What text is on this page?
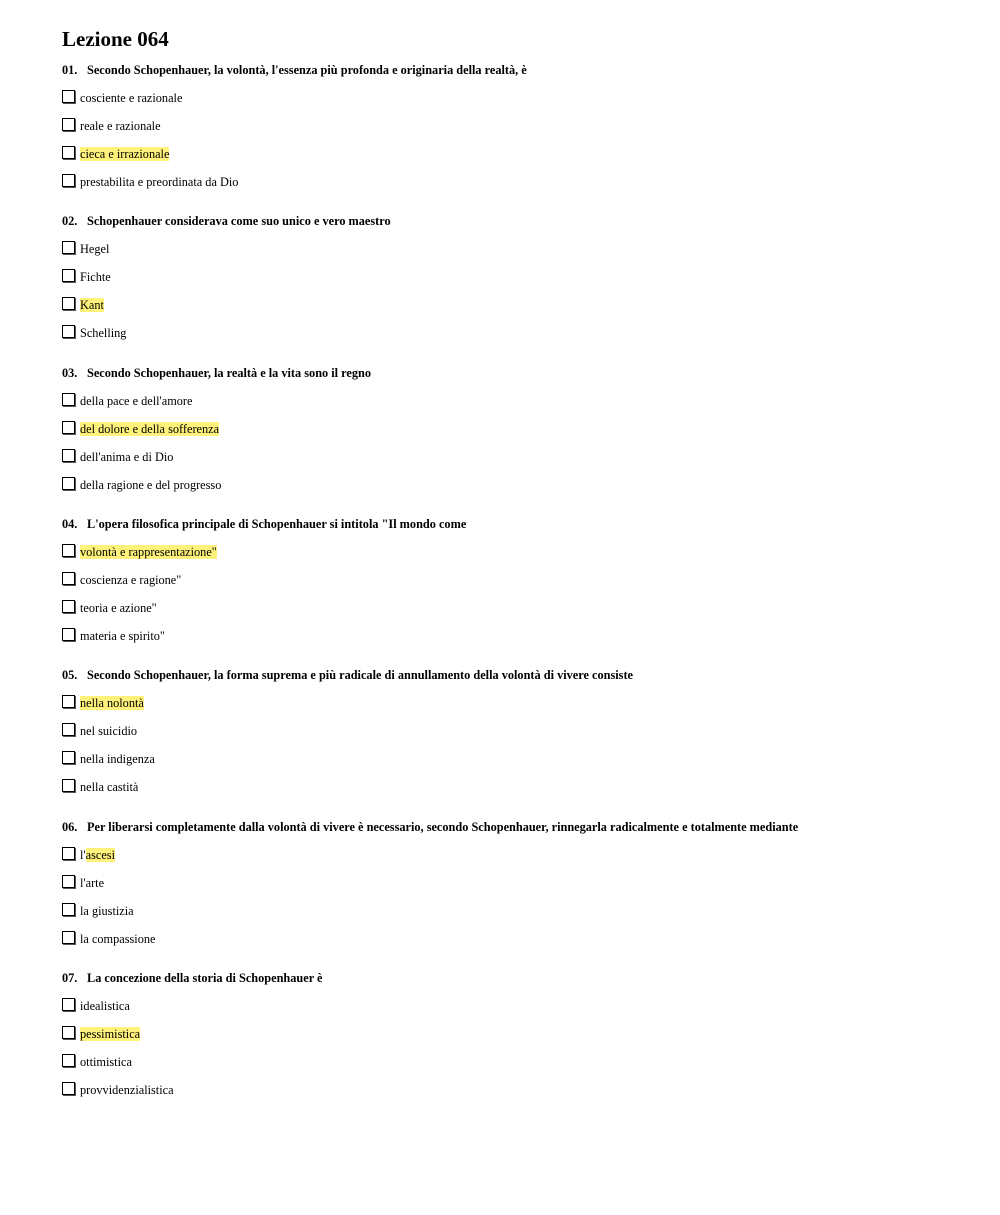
Lezione 064
01. Secondo Schopenhauer, la volontà, l'essenza più profonda e originaria della realtà, è
cosciente e razionale
reale e razionale
cieca e irrazionale
prestabilita e preordinata da Dio
02. Schopenhauer considerava come suo unico e vero maestro
Hegel
Fichte
Kant
Schelling
03. Secondo Schopenhauer, la realtà e la vita sono il regno
della pace e dell'amore
del dolore e della sofferenza
dell'anima e di Dio
della ragione e del progresso
04. L'opera filosofica principale di Schopenhauer si intitola "Il mondo come
volontà e rappresentazione"
coscienza e ragione"
teoria e azione"
materia e spirito"
05. Secondo Schopenhauer, la forma suprema e più radicale di annullamento della volontà di vivere consiste
nella nolontà
nel suicidio
nella indigenza
nella castità
06. Per liberarsi completamente dalla volontà di vivere è necessario, secondo Schopenhauer, rinnegarla radicalmente e totalmente mediante
l'ascesi
l'arte
la giustizia
la compassione
07. La concezione della storia di Schopenhauer è
idealistica
pessimistica
ottimistica
provvidenzialistica
